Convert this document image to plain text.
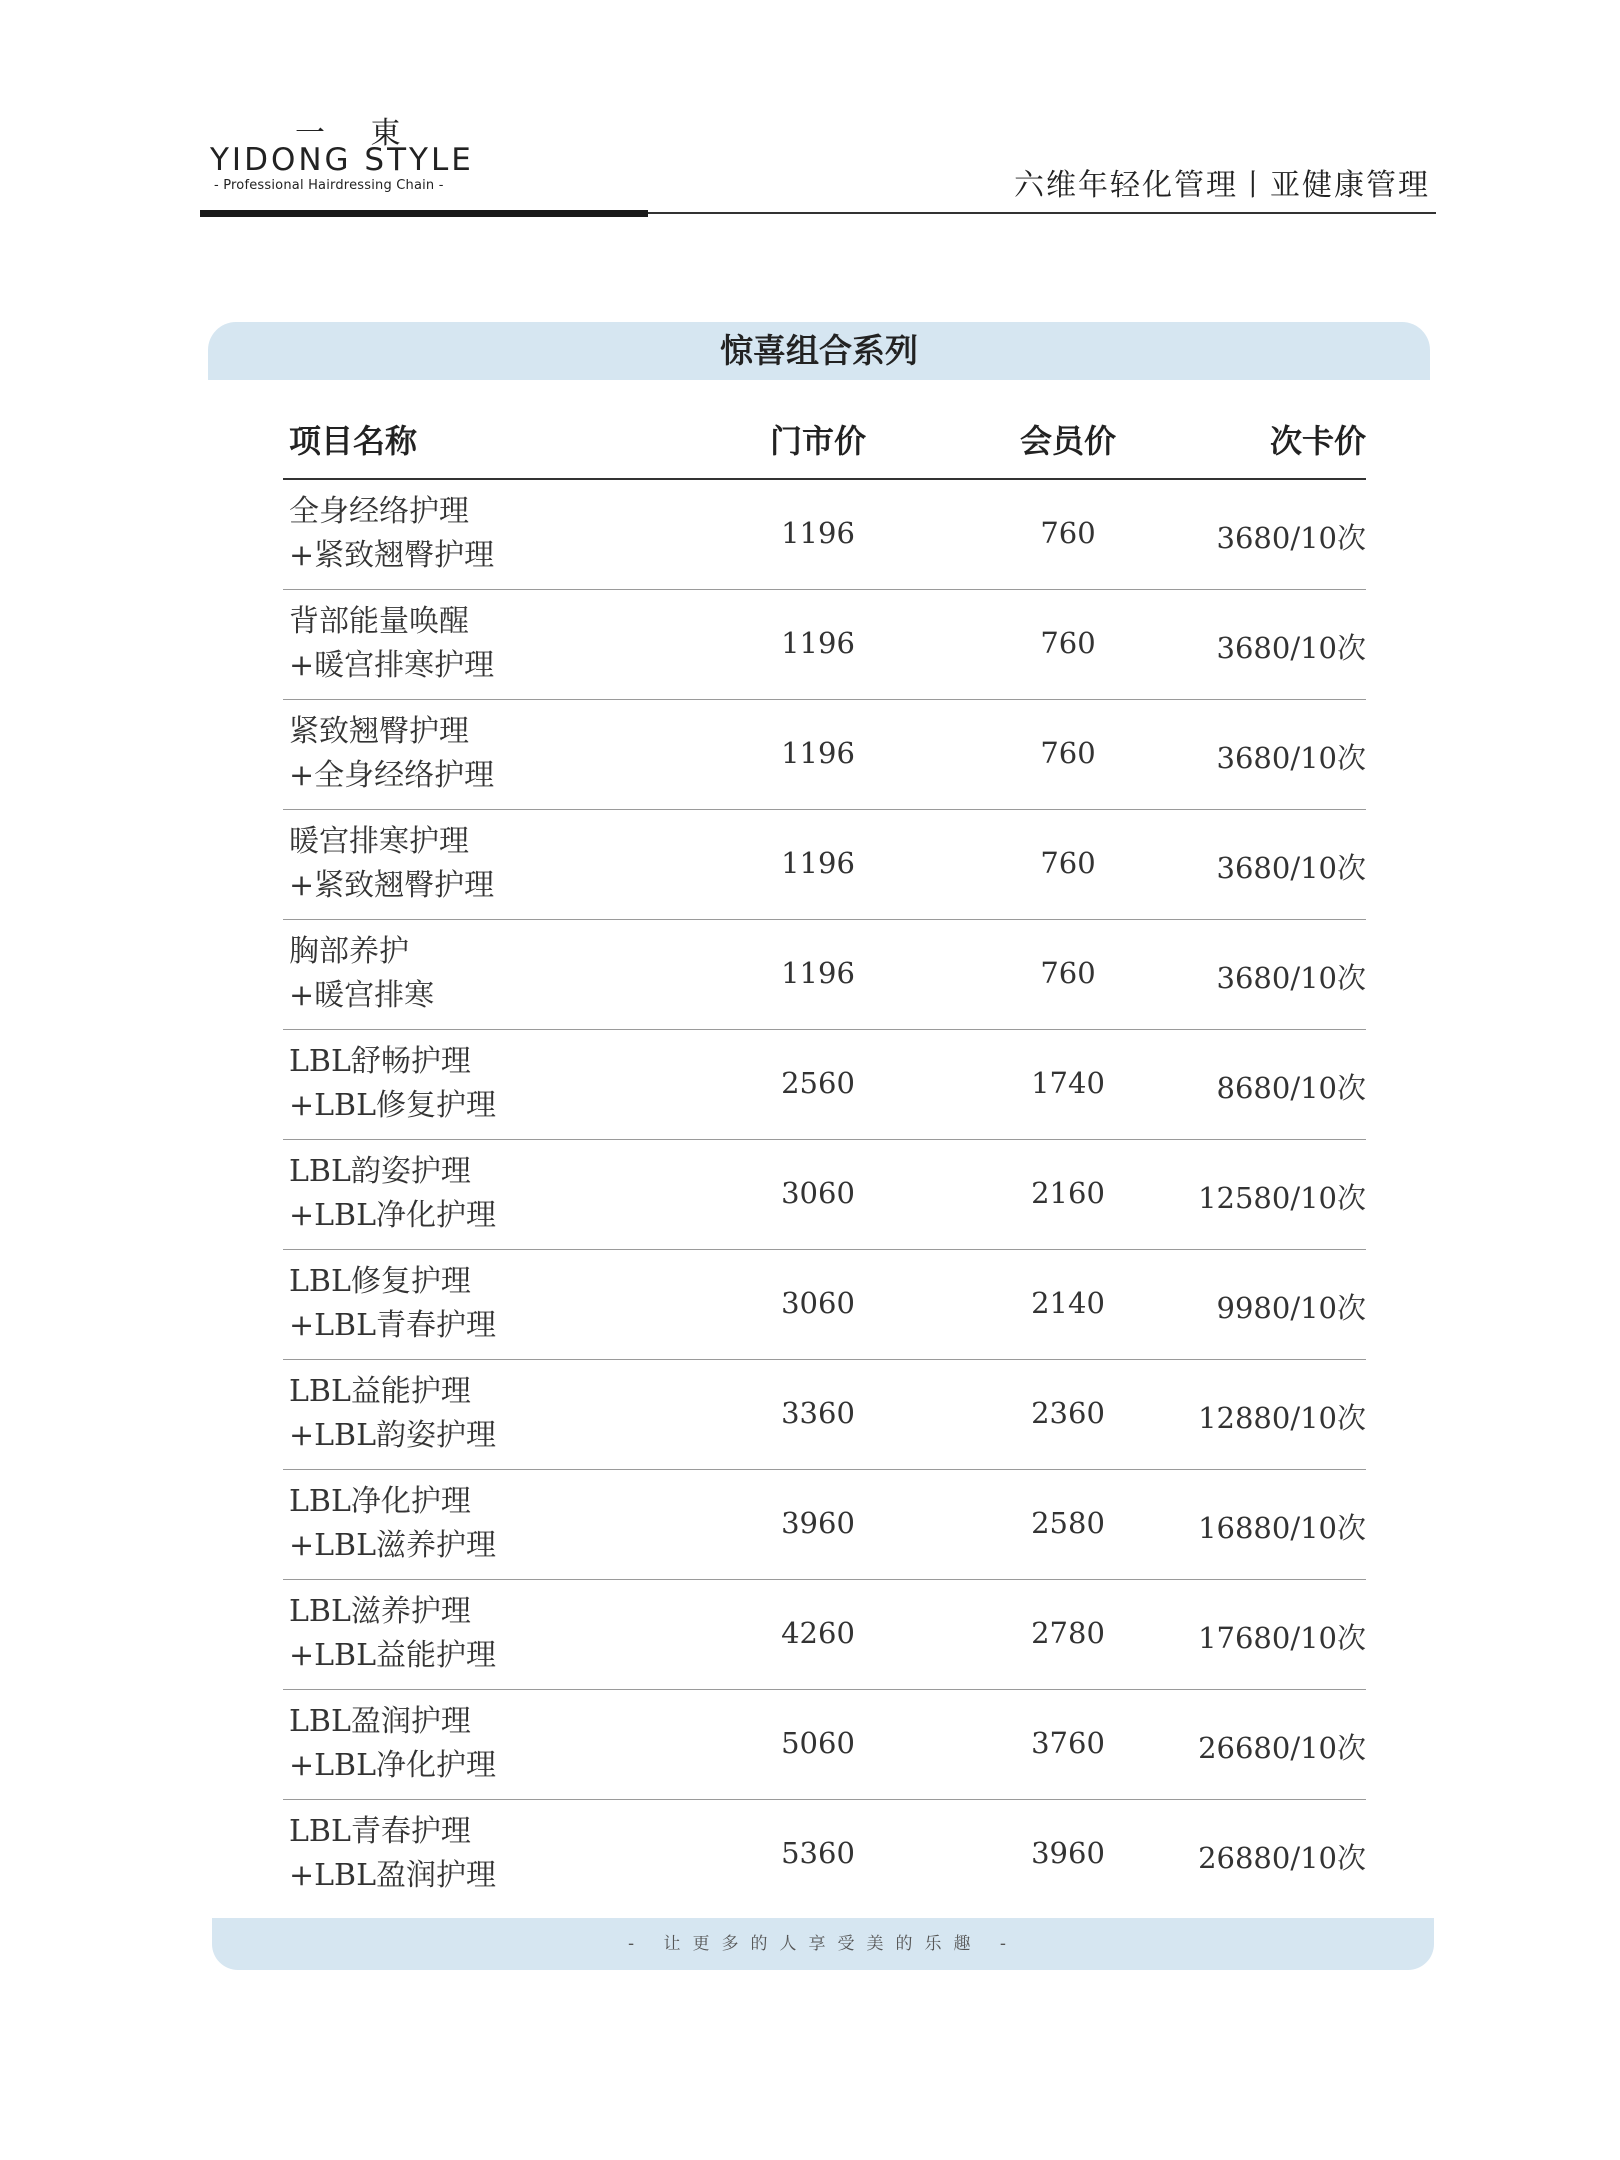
一 東
YIDONG STYLE
- Professional Hairdressing Chain -	六维年轻化管理丨亚健康管理
惊喜组合系列
项目名称	门市价	会员价	次卡价
全身经络护理
+紧致翘臀护理
1196	760	3680/10次
背部能量唤醒
+暖宫排寒护理
1196	760	3680/10次
紧致翘臀护理
+全身经络护理
1196	760	3680/10次
暖宫排寒护理
+紧致翘臀护理
1196	760	3680/10次
胸部养护
+暖宫排寒
1196	760	3680/10次
LBL舒畅护理
+LBL修复护理
2560	1740	8680/10次
LBL韵姿护理
+LBL净化护理
3060	2160	12580/10次
LBL修复护理
+LBL青春护理
3060	2140	9980/10次
LBL益能护理
+LBL韵姿护理
3360	2360	12880/10次
LBL净化护理
+LBL滋养护理
3960	2580	16880/10次
LBL滋养护理
+LBL益能护理
4260	2780	17680/10次
LBL盈润护理
+LBL净化护理
5060	3760	26680/10次
LBL青春护理
+LBL盈润护理
5360	3960	26880/10次
- 让更多的人享受美的乐趣 -
